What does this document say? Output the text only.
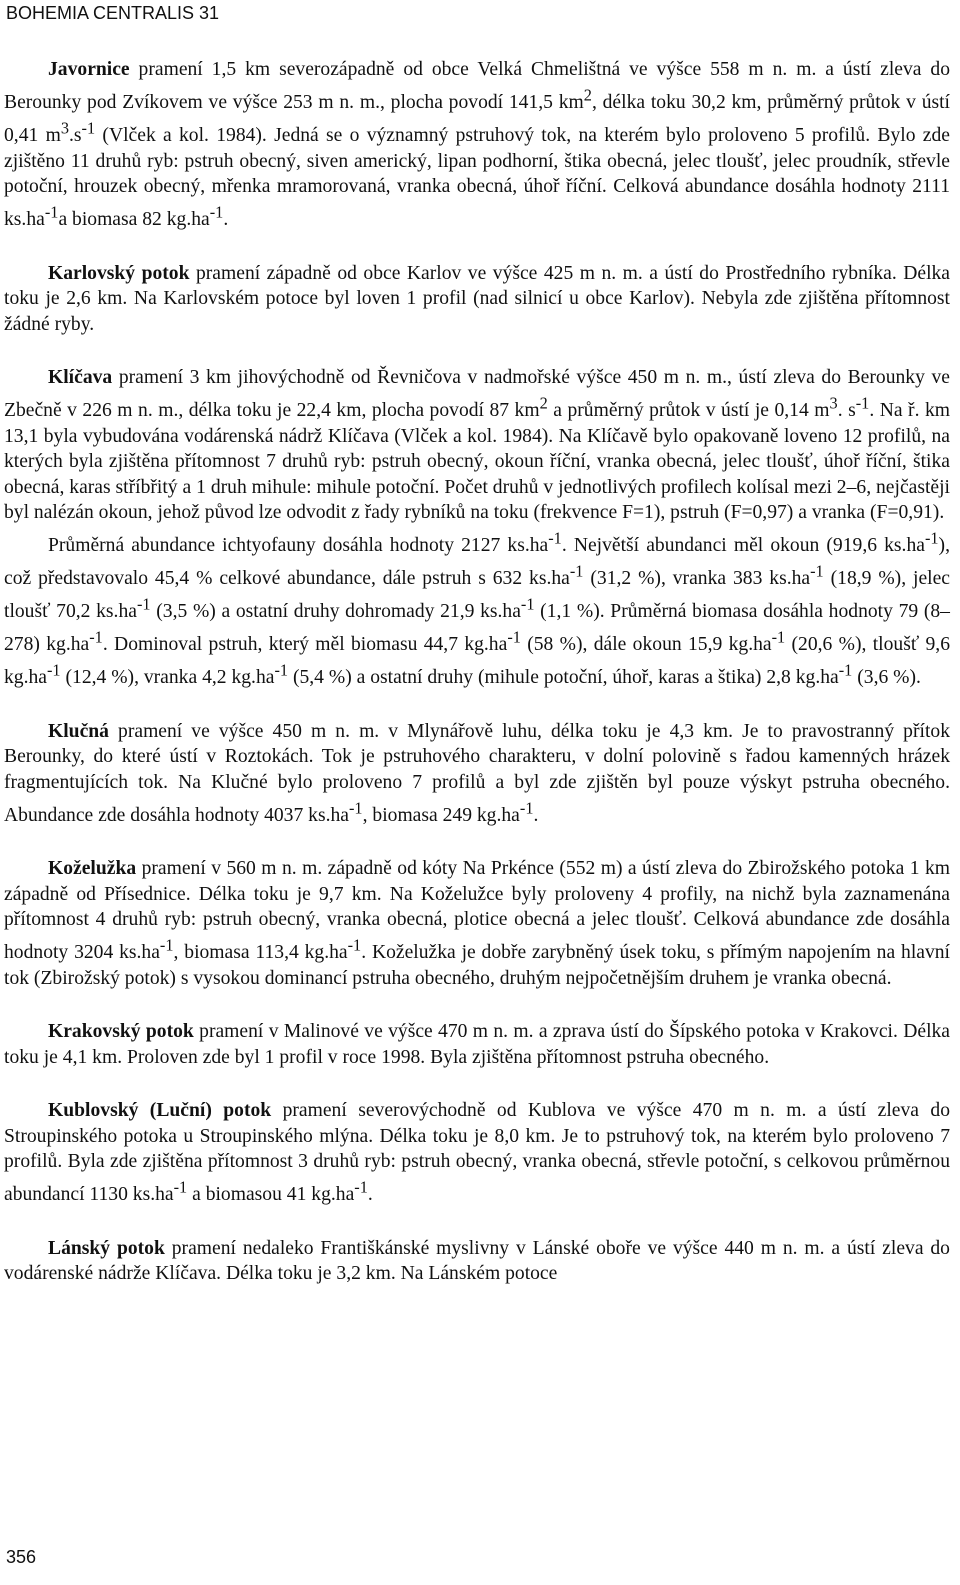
BOHEMIA CENTRALIS 31

Javornice pramení 1,5 km severozápadně od obce Velká Chmelištná ve výšce 558 m n. m. a ústí zleva do Berounky pod Zvíkovem ve výšce 253 m n. m., plocha povodí 141,5 $km^2$, délka toku 30,2 km, průměrný průtok v ústí 0,41 $m^3.s^{-1}$ (Vlček a kol. 1984). Jedná se o významný pstruhový tok, na kterém bylo proloveno 5 profilů. Bylo zde zjištěno 11 druhů ryb: pstruh obecný, siven americký, lipan podhorní, štika obecná, jelec tloušť, jelec proudník, střevle potoční, hrouzek obecný, mřenka mramorovaná, vranka obecná, úhoř říční. Celková abundance dosáhla hodnoty 2111 $ks.ha^{-1}a$ biomasa 82 $kg.ha^{-1}$.

Karlovský potok pramení západně od obce Karlov ve výšce 425 m n. m. a ústí do Prostředního rybníka. Délka toku je 2,6 km. Na Karlovském potoce byl loven 1 profil (nad silnicí u obce Karlov). Nebyla zde zjištěna přítomnost žádné ryby.

Klíčava pramení 3 km jihovýchodně od Řevničova v nadmořské výšce 450 m n. m., ústí zleva do Berounky ve Zbečně v 226 m n. m., délka toku je 22,4 km, plocha povodí 87 $km^2$ a průměrný průtok v ústí je 0,14 $m^3$. $s^{-1}$. Na ř. km 13,1 byla vybudována vodárenská nádrž Klíčava (Vlček a kol. 1984). Na Klíčavě bylo opakovaně loveno 12 profilů, na kterých byla zjištěna přítomnost 7 druhů ryb: pstruh obecný, okoun říční, vranka obecná, jelec tloušť, úhoř říční, štika obecná, karas stříbřitý a 1 druh mihule: mihule potoční. Počet druhů v jednotlivých profilech kolísal mezi 2–6, nejčastěji byl nalézán okoun, jehož původ lze odvodit z řady rybníků na toku (frekvence F=1), pstruh (F=0,97) a vranka (F=0,91).

Průměrná abundance ichtyofauny dosáhla hodnoty 2127 $ks.ha^{-1}$. Největší abundanci měl okoun (919,6 $ks.ha^{-1}$), což představovalo 45,4 % celkové abundance, dále pstruh s 632 $ks.ha^{-1}$ (31,2 %), vranka 383 $ks.ha^{-1}$ (18,9 %), jelec tloušť 70,2 $ks.ha^{-1}$ (3,5 %) a ostatní druhy dohromady 21,9 $ks.ha^{-1}$ (1,1 %). Průměrná biomasa dosáhla hodnoty 79 (8–278) $kg.ha^{-1}$. Dominoval pstruh, který měl biomasu 44,7 $kg.ha^{-1}$ (58 %), dále okoun 15,9 $kg.ha^{-1}$ (20,6 %), tloušť 9,6 $kg.ha^{-1}$ (12,4 %), vranka 4,2 $kg.ha^{-1}$ (5,4 %) a ostatní druhy (mihule potoční, úhoř, karas a štika) 2,8 $kg.ha^{-1}$ (3,6 %).

Klučná pramení ve výšce 450 m n. m. v Mlynářově luhu, délka toku je 4,3 km. Je to pravostranný přítok Berounky, do které ústí v Roztokách. Tok je pstruhového charakteru, v dolní polovině s řadou kamenných hrázek fragmentujících tok. Na Klučné bylo proloveno 7 profilů a byl zde zjištěn byl pouze výskyt pstruha obecného. Abundance zde dosáhla hodnoty 4037 $ks.ha^{-1}$, biomasa 249 $kg.ha^{-1}$.

Koželužka pramení v 560 m n. m. západně od kóty Na Prkénce (552 m) a ústí zleva do Zbirožského potoka 1 km západně od Přísednice. Délka toku je 9,7 km. Na Koželužce byly proloveny 4 profily, na nichž byla zaznamenána přítomnost 4 druhů ryb: pstruh obecný, vranka obecná, plotice obecná a jelec tloušť. Celková abundance zde dosáhla hodnoty 3204 $ks.ha^{-1}$, biomasa 113,4 $kg.ha^{-1}$. Koželužka je dobře zarybněný úsek toku, s přímým napojením na hlavní tok (Zbirožský potok) s vysokou dominancí pstruha obecného, druhým nejpočetnějším druhem je vranka obecná.

Krakovský potok pramení v Malinové ve výšce 470 m n. m. a zprava ústí do Šípského potoka v Krakovci. Délka toku je 4,1 km. Proloven zde byl 1 profil v roce 1998. Byla zjištěna přítomnost pstruha obecného.

Kublovský (Luční) potok pramení severovýchodně od Kublova ve výšce 470 m n. m. a ústí zleva do Stroupinského potoka u Stroupinského mlýna. Délka toku je 8,0 km. Je to pstruhový tok, na kterém bylo proloveno 7 profilů. Byla zde zjištěna přítomnost 3 druhů ryb: pstruh obecný, vranka obecná, střevle potoční, s celkovou průměrnou abundancí 1130 $ks.ha^{-1}$ a biomasou 41 $kg.ha^{-1}$.

Lánský potok pramení nedaleko Františkánské myslivny v Lánské oboře ve výšce 440 m n. m. a ústí zleva do vodárenské nádrže Klíčava. Délka toku je 3,2 km. Na Lánském potoce

356
